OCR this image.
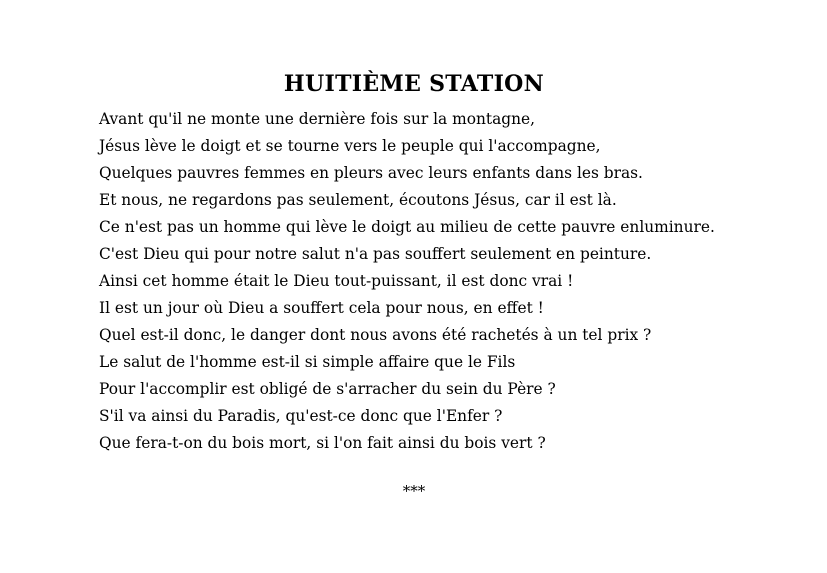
HUITIÈME STATION

Avant qu'il ne monte une dernière fois sur la montagne,

Jésus lève le doigt et se tourne vers le peuple qui l'accompagne,

Quelques pauvres femmes en pleurs avec leurs enfants dans les bras.

Et nous, ne regardons pas seulement, écoutons Jésus, car il est là.

Ce n'est pas un homme qui lève le doigt au milieu de cette pauvre enluminure.

C'est Dieu qui pour notre salut n'a pas souffert seulement en peinture.

Ainsi cet homme était le Dieu tout-puissant, il est donc vrai !

Il est un jour où Dieu a souffert cela pour nous, en effet !

Quel est-il donc, le danger dont nous avons été rachetés à un tel prix ?

Le salut de l'homme est-il si simple affaire que le Fils

Pour l'accomplir est obligé de s'arracher du sein du Père ?

S'il va ainsi du Paradis, qu'est-ce donc que l'Enfer ?

Que fera-t-on du bois mort, si l'on fait ainsi du bois vert ?

***
